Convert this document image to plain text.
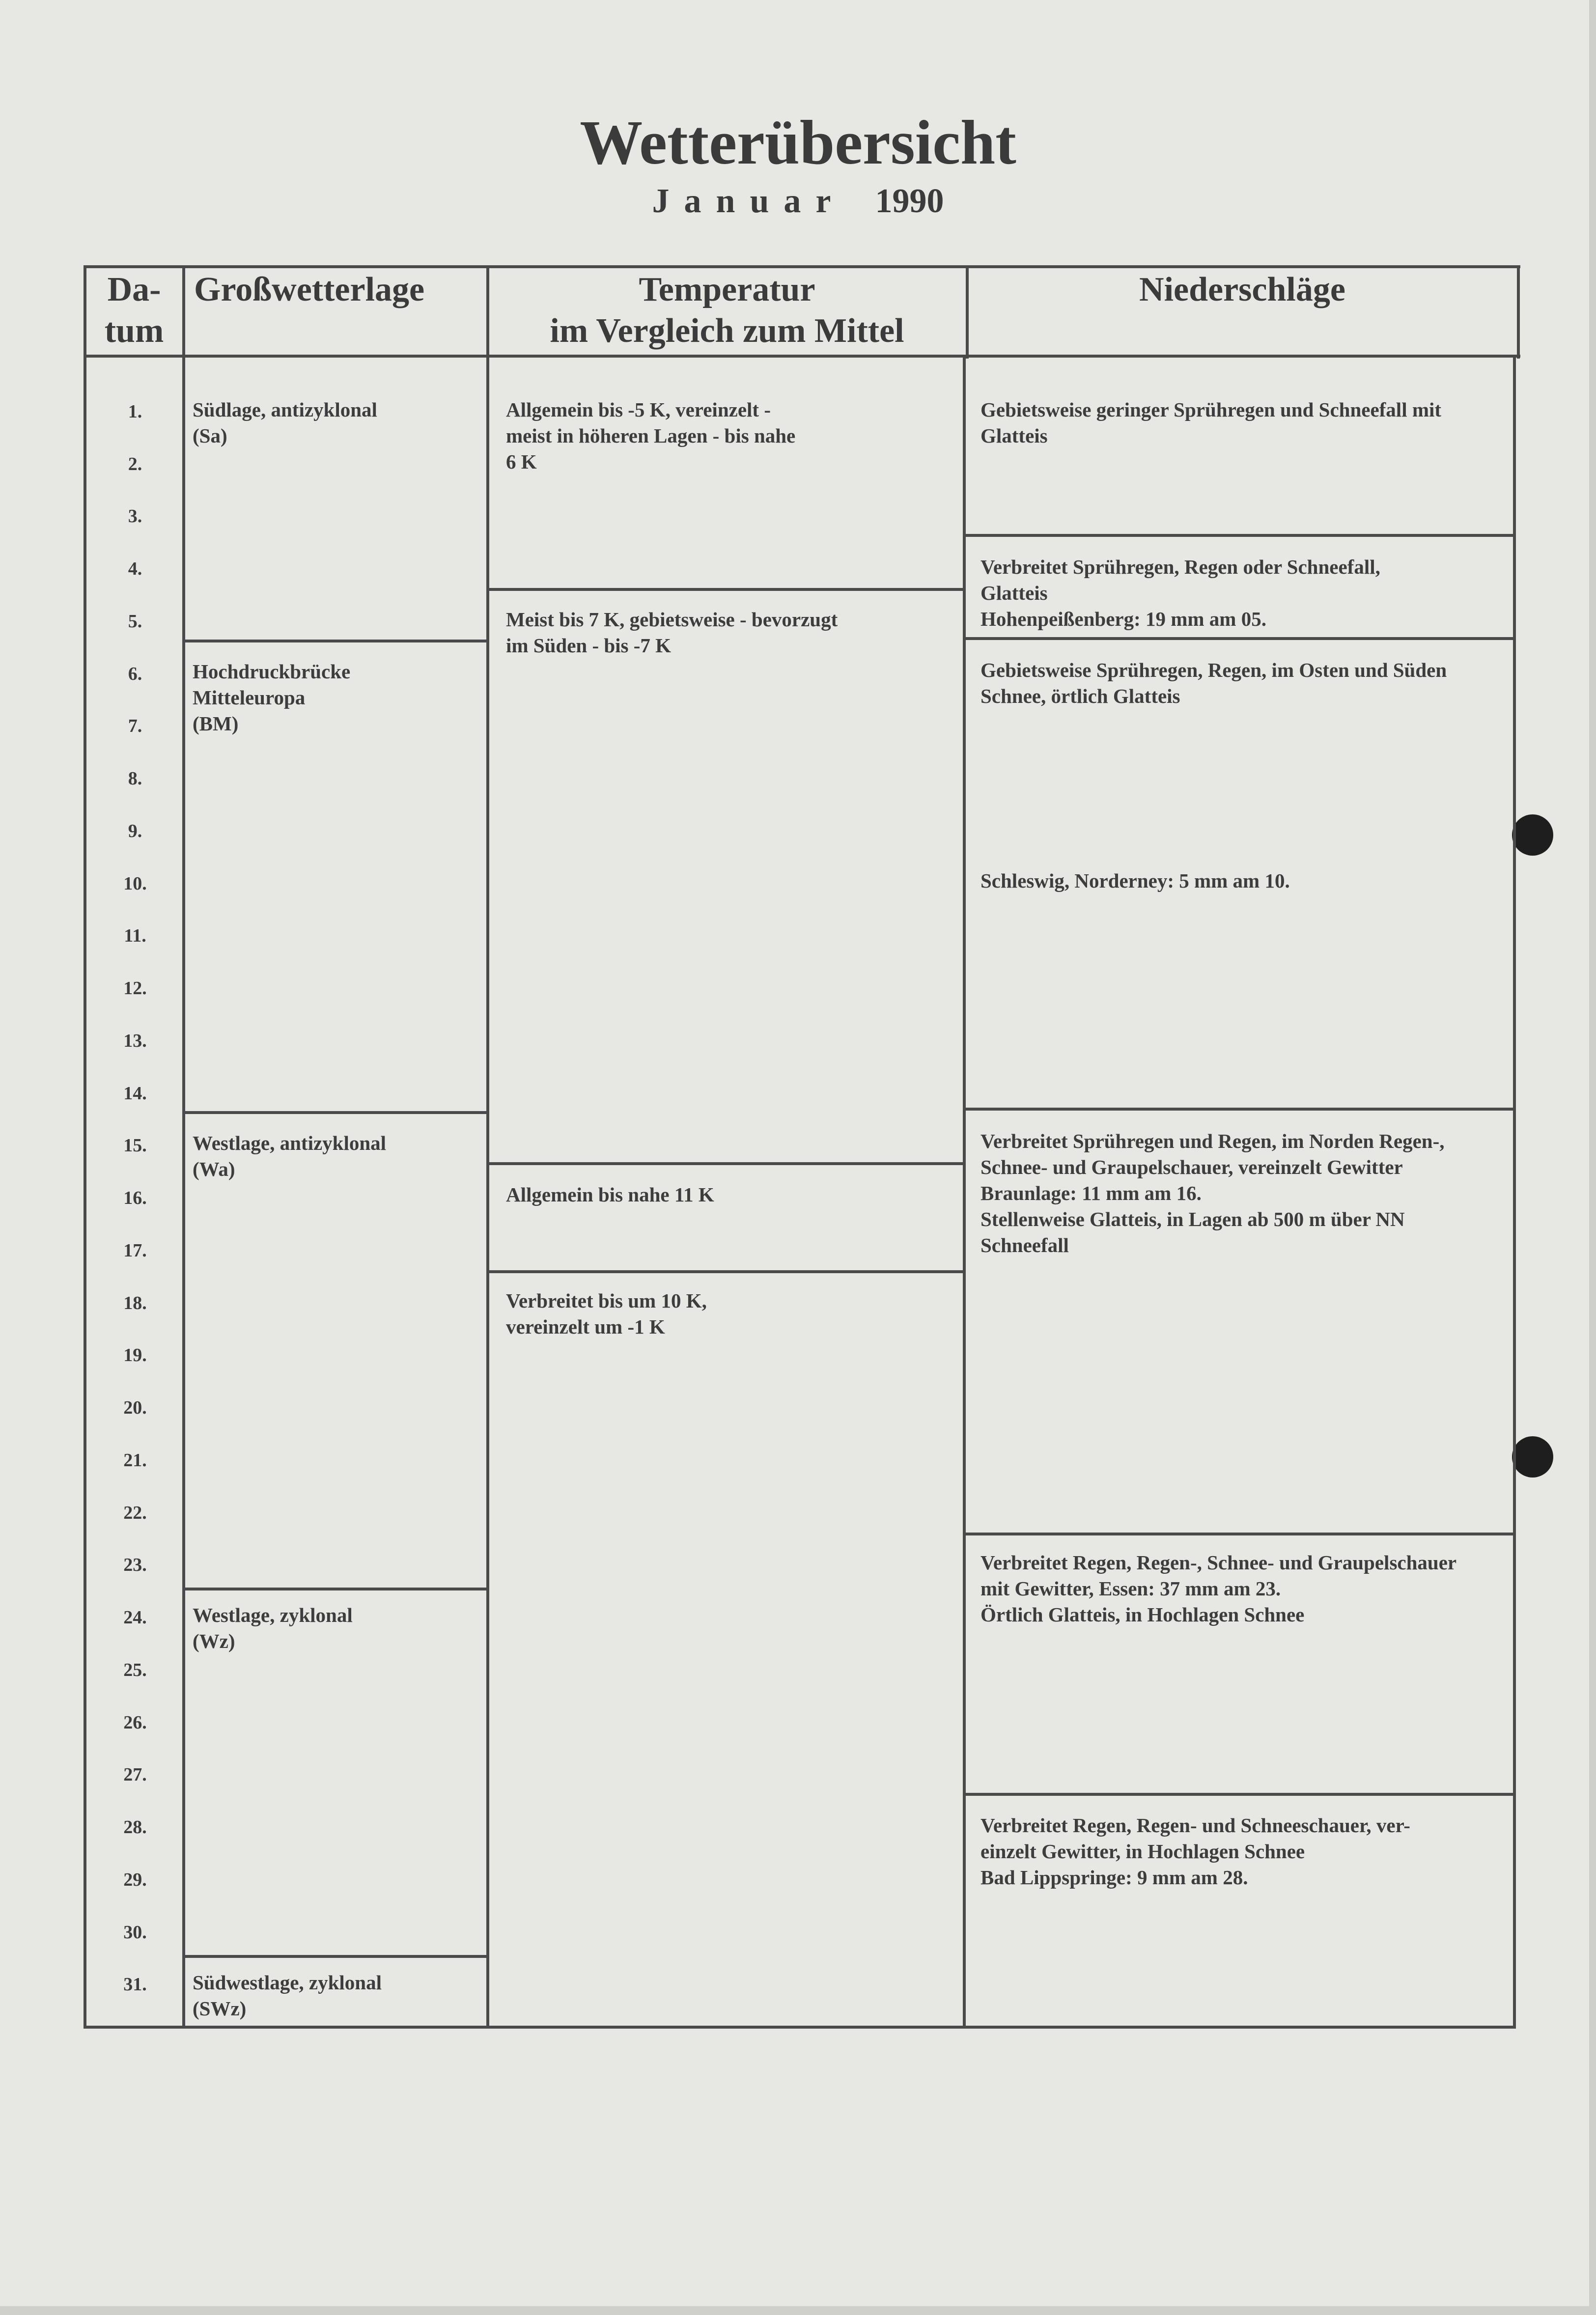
Wetterübersicht
Januar 1990
Da-
tum
Großwetterlage	Temperatur
im Vergleich zum Mittel
Niederschläge
1.
2.
3.
4.
5.
6.
7.
8.
9.
10.
11.
12.
13.
14.
15.
16.
17.
18.
19.
20.
21.
22.
23.
24.
25.
26.
27.
28.
29.
30.
31.
Südlage, antizyklonal
(Sa)
Hochdruckbrücke
Mitteleuropa
(BM)
Westlage, antizyklonal
(Wa)
Westlage, zyklonal
(Wz)
Südwestlage, zyklonal
(SWz)
Allgemein bis -5 K, vereinzelt -
meist in höheren Lagen - bis nahe
6 K
Meist bis 7 K, gebietsweise - bevorzugt
im Süden - bis -7 K
Allgemein bis nahe 11 K
Verbreitet bis um 10 K,
vereinzelt um -1 K
Gebietsweise geringer Sprühregen und Schneefall mit
Glatteis
Verbreitet Sprühregen, Regen oder Schneefall,
Glatteis
Hohenpeißenberg: 19 mm am 05.
Gebietsweise Sprühregen, Regen, im Osten und Süden
Schnee, örtlich Glatteis
Schleswig, Norderney: 5 mm am 10.
Verbreitet Sprühregen und Regen, im Norden Regen-,
Schnee- und Graupelschauer, vereinzelt Gewitter
Braunlage: 11 mm am 16.
Stellenweise Glatteis, in Lagen ab 500 m über NN
Schneefall
Verbreitet Regen, Regen-, Schnee- und Graupelschauer
mit Gewitter, Essen: 37 mm am 23.
Örtlich Glatteis, in Hochlagen Schnee
Verbreitet Regen, Regen- und Schneeschauer, ver-
einzelt Gewitter, in Hochlagen Schnee
Bad Lippspringe: 9 mm am 28.
